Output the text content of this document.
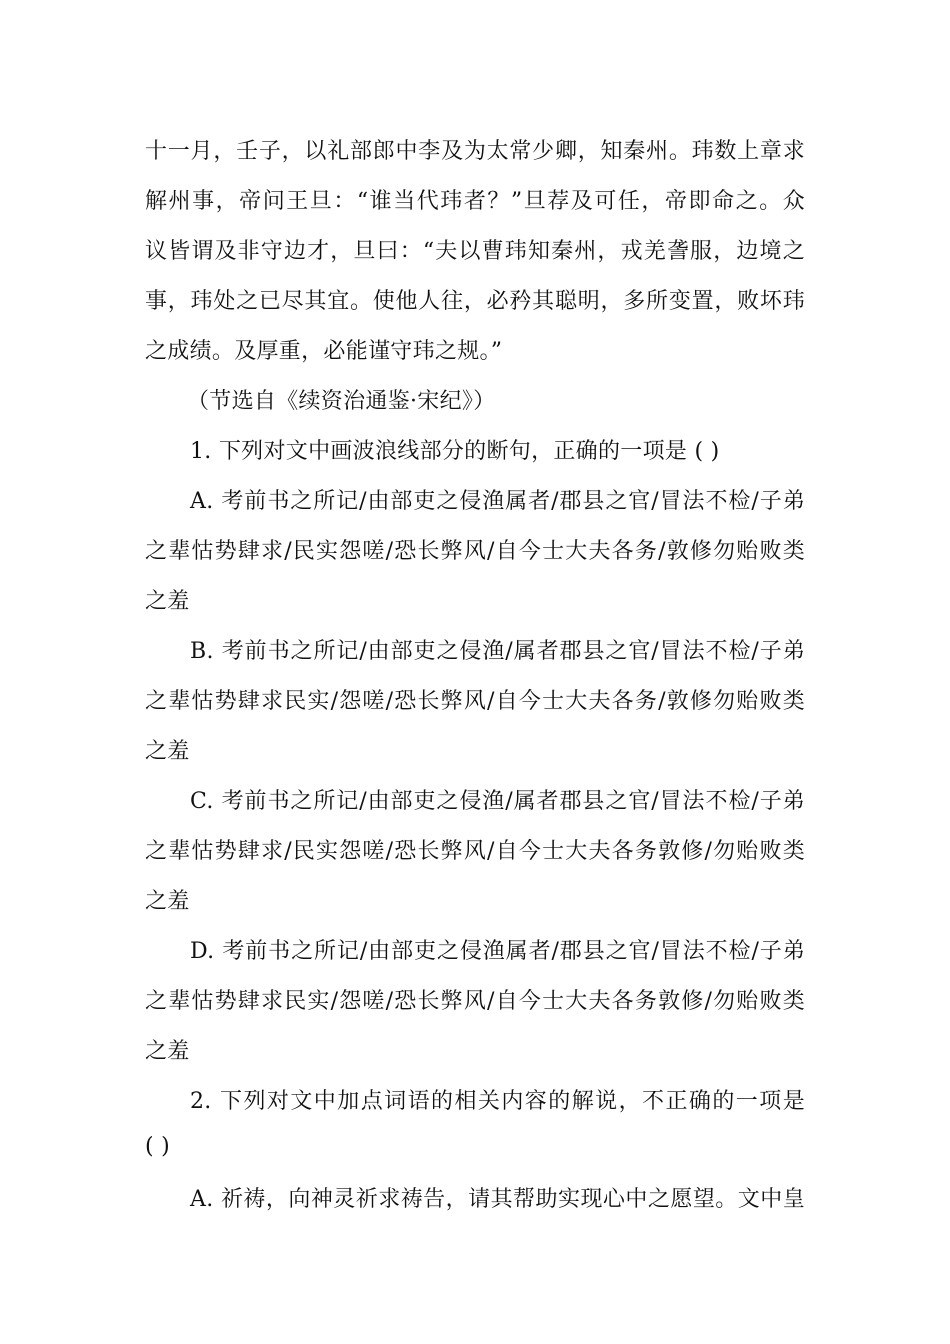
十一月，壬子，以礼部郎中李及为太常少卿，知秦州。玮数上章求
解州事，帝问王旦：“谁当代玮者？”旦荐及可任，帝即命之。众
议皆谓及非守边才，旦曰：“夫以曹玮知秦州，戎羌詟服，边境之
事，玮处之已尽其宜。使他人往，必矜其聪明，多所变置，败坏玮
之成绩。及厚重，必能谨守玮之规。”
（节选自《续资治通鉴·宋纪》）
1. 下列对文中画波浪线部分的断句，正确的一项是 ( )
A. 考前书之所记/由部吏之侵渔属者/郡县之官/冒法不检/子弟
之辈怙势肆求/民实怨嗟/恐长弊风/自今士大夫各务/敦修勿贻败类
之羞
B. 考前书之所记/由部吏之侵渔/属者郡县之官/冒法不检/子弟
之辈怙势肆求民实/怨嗟/恐长弊风/自今士大夫各务/敦修勿贻败类
之羞
C. 考前书之所记/由部吏之侵渔/属者郡县之官/冒法不检/子弟
之辈怙势肆求/民实怨嗟/恐长弊风/自今士大夫各务敦修/勿贻败类
之羞
D. 考前书之所记/由部吏之侵渔属者/郡县之官/冒法不检/子弟
之辈怙势肆求民实/怨嗟/恐长弊风/自今士大夫各务敦修/勿贻败类
之羞
2. 下列对文中加点词语的相关内容的解说，不正确的一项是
( )
A. 祈祷，向神灵祈求祷告，请其帮助实现心中之愿望。文中皇
